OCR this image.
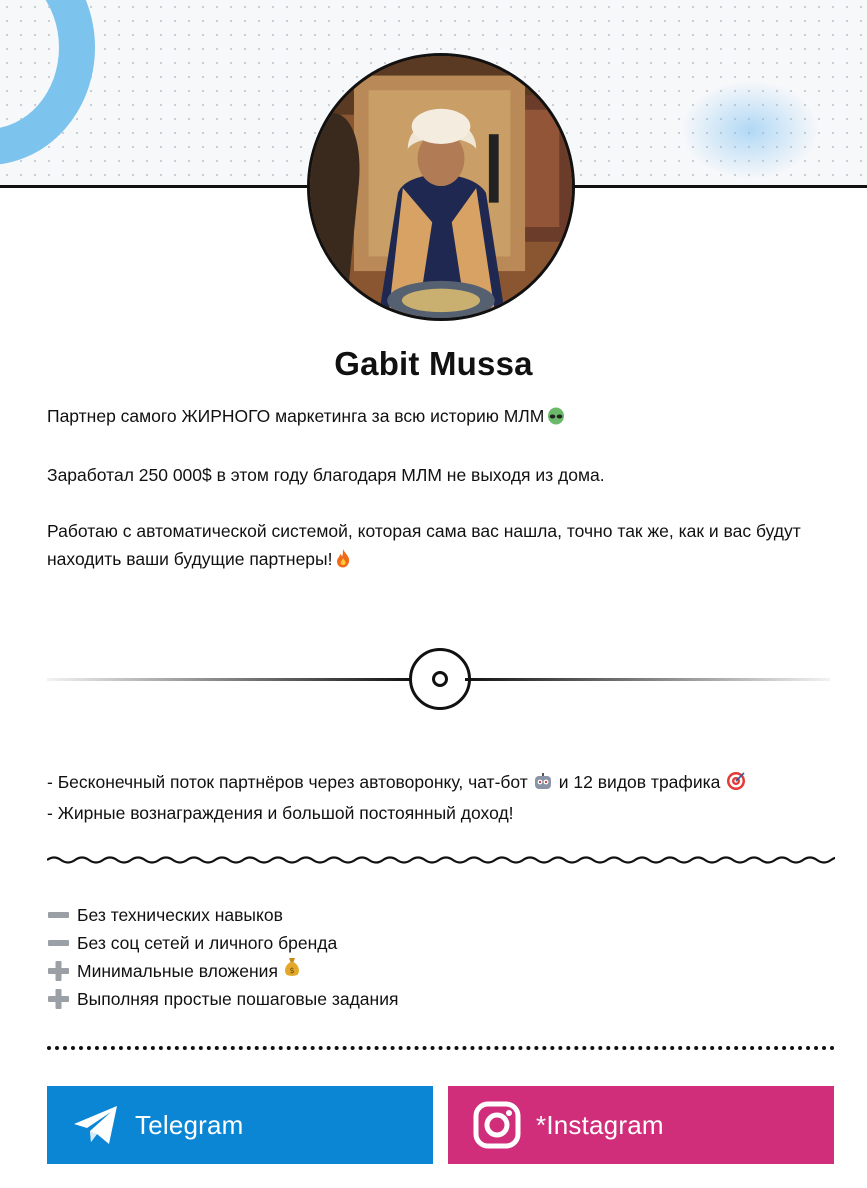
Gabit Mussa

Партнер самого ЖИРНОГО маркетинга за всю историю МЛМ

Заработал 250 000$ в этом году благодаря МЛМ не выходя из дома.

Работаю с автоматической системой, которая сама вас нашла, точно так же, как и вас будут находить ваши будущие партнеры!

- Бесконечный поток партнёров через автоворонку, чат-бот и 12 видов трафика
- Жирные вознаграждения и большой постоянный доход!
Без технических навыков
Без соц сетей и личного бренда
Минимальные вложения $
Выполняя простые пошаговые задания
Telegram	*Instagram
